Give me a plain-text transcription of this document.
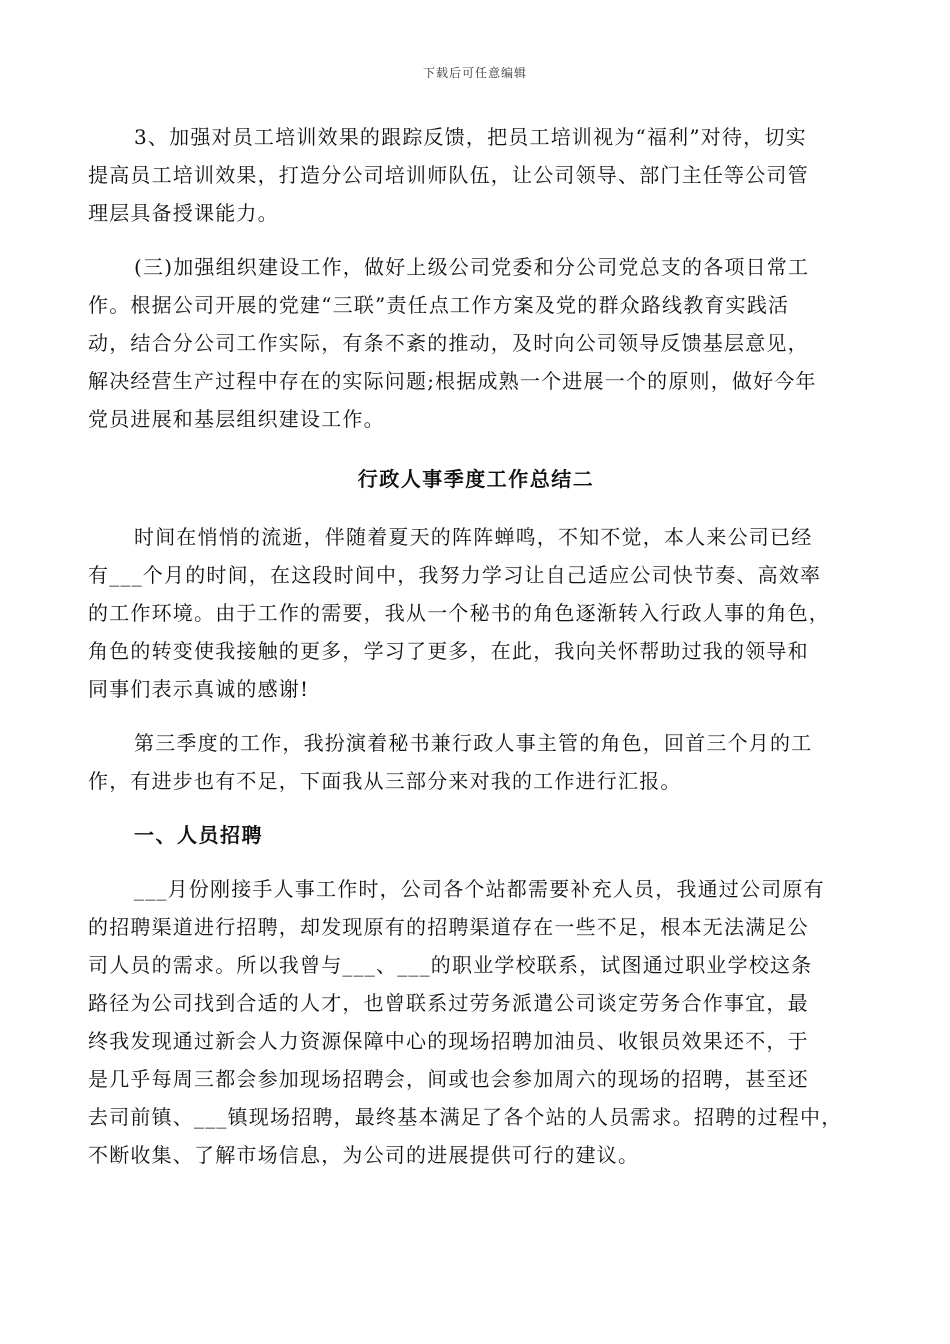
下载后可任意编辑
3、加强对员工培训效果的跟踪反馈，把员工培训视为“福利”对待，切实
提高员工培训效果，打造分公司培训师队伍，让公司领导、部门主任等公司管
理层具备授课能力。
(三)加强组织建设工作，做好上级公司党委和分公司党总支的各项日常工
作。根据公司开展的党建“三联”责任点工作方案及党的群众路线教育实践活
动，结合分公司工作实际，有条不紊的推动，及时向公司领导反馈基层意见，
解决经营生产过程中存在的实际问题;根据成熟一个进展一个的原则，做好今年
党员进展和基层组织建设工作。
行政人事季度工作总结二
时间在悄悄的流逝，伴随着夏天的阵阵蝉鸣，不知不觉，本人来公司已经
有___个月的时间，在这段时间中，我努力学习让自己适应公司快节奏、高效率
的工作环境。由于工作的需要，我从一个秘书的角色逐渐转入行政人事的角色，
角色的转变使我接触的更多，学习了更多，在此，我向关怀帮助过我的领导和
同事们表示真诚的感谢!
第三季度的工作，我扮演着秘书兼行政人事主管的角色，回首三个月的工
作，有进步也有不足，下面我从三部分来对我的工作进行汇报。
一、人员招聘
___月份刚接手人事工作时，公司各个站都需要补充人员，我通过公司原有
的招聘渠道进行招聘，却发现原有的招聘渠道存在一些不足，根本无法满足公
司人员的需求。所以我曾与___、___的职业学校联系，试图通过职业学校这条
路径为公司找到合适的人才，也曾联系过劳务派遣公司谈定劳务合作事宜，最
终我发现通过新会人力资源保障中心的现场招聘加油员、收银员效果还不，于
是几乎每周三都会参加现场招聘会，间或也会参加周六的现场的招聘，甚至还
去司前镇、___镇现场招聘，最终基本满足了各个站的人员需求。招聘的过程中，
不断收集、了解市场信息，为公司的进展提供可行的建议。
